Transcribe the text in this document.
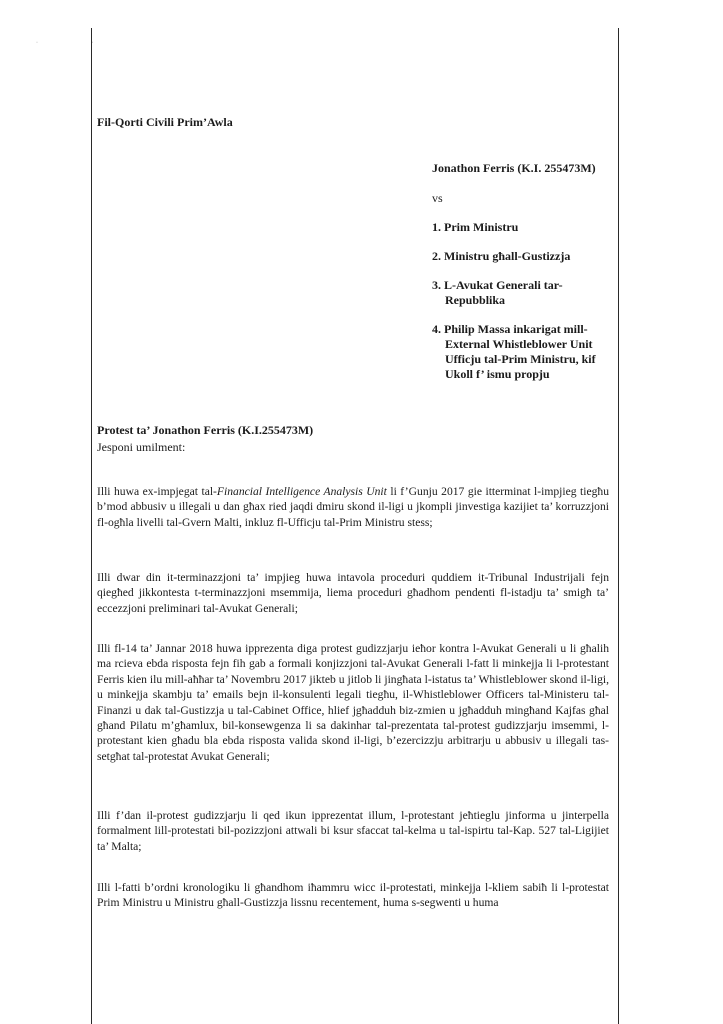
· ·
Fil-Qorti Civili Prim’Awla

Jonathon Ferris (K.I. 255473M)

vs

1. Prim Ministru

2. Ministru għall-Gustizzja

3. L-Avukat Generali tar-Repubblika

4. Philip Massa inkarigat mill-External Whistleblower Unit Ufficju tal-Prim Ministru, kif Ukoll f’ ismu propju

Protest ta’ Jonathon Ferris (K.I.255473M)
Jesponi umilment:

Illi huwa ex-impjegat tal-Financial Intelligence Analysis Unit li f’Gunju 2017 gie itterminat l-impjieg tiegħu b’mod abbusiv u illegali u dan għax ried jaqdi dmiru skond il-ligi u jkompli jinvestiga kazijiet ta’ korruzzjoni fl-ogħla livelli tal-Gvern Malti, inkluz fl-Ufficju tal-Prim Ministru stess;

Illi dwar din it-terminazzjoni ta’ impjieg huwa intavola proceduri quddiem it-Tribunal Industrijali fejn qiegħed jikkontesta t-terminazzjoni msemmija, liema proceduri għadhom pendenti fl-istadju ta’ smigħ ta’ eccezzjoni preliminari tal-Avukat Generali;

Illi fl-14 ta’ Jannar 2018 huwa ipprezenta diga protest gudizzjarju ieħor kontra l-Avukat Generali u li għalih ma rcieva ebda risposta fejn fih gab a formali konjizzjoni tal-Avukat Generali l-fatt li minkejja li l-protestant Ferris kien ilu mill-aħħar ta’ Novembru 2017 jikteb u jitlob li jingħata l-istatus ta’ Whistleblower skond il-ligi, u minkejja skambju ta’ emails bejn il-konsulenti legali tiegħu, il-Whistleblower Officers tal-Ministeru tal-Finanzi u dak tal-Gustizzja u tal-Cabinet Office, hlief jgħadduh biz-zmien u jgħadduh mingħand Kajfas għal għand Pilatu m’għamlux, bil-konsewgenza li sa dakinhar tal-prezentata tal-protest gudizzjarju imsemmi, l-protestant kien għadu bla ebda risposta valida skond il-ligi, b’ezercizzju arbitrarju u abbusiv u illegali tas-setgħat tal-protestat Avukat Generali;

Illi f’dan il-protest gudizzjarju li qed ikun ipprezentat illum, l-protestant jeħtieglu jinforma u jinterpella formalment lill-protestati bil-pozizzjoni attwali bi ksur sfaccat tal-kelma u tal-ispirtu tal-Kap. 527 tal-Ligijiet ta’ Malta;

Illi l-fatti b’ordni kronologiku li għandhom iħammru wicc il-protestati, minkejja l-kliem sabiħ li l-protestat Prim Ministru u Ministru għall-Gustizzja lissnu recentement, huma s-segwenti u huma
